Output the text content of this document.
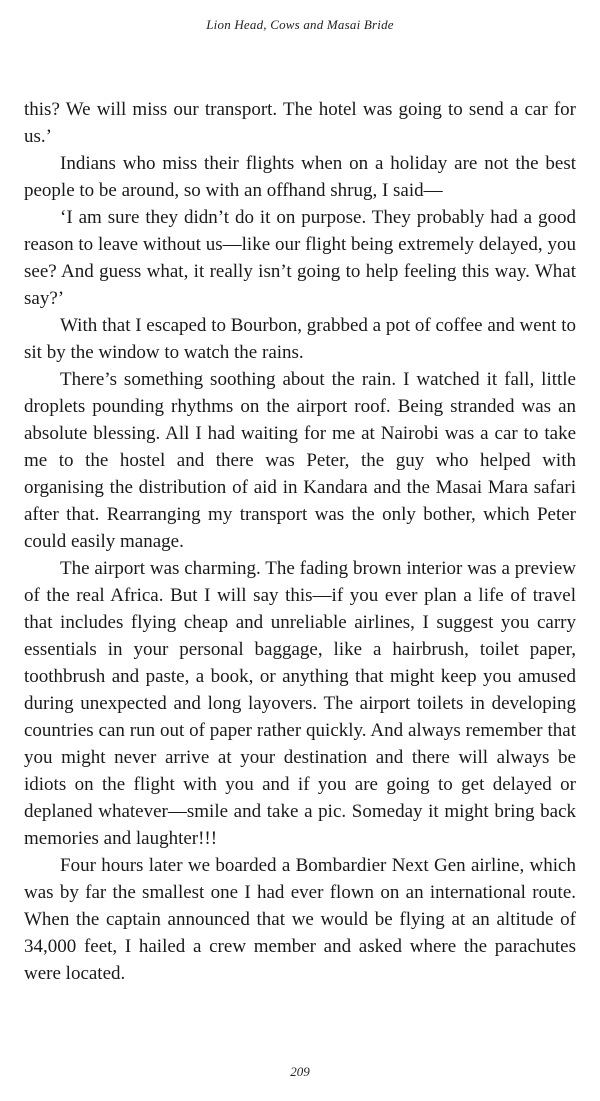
Lion Head, Cows and Masai Bride

this? We will miss our transport. The hotel was going to send a car for us.’

Indians who miss their flights when on a holiday are not the best people to be around, so with an offhand shrug, I said—

‘I am sure they didn’t do it on purpose. They probably had a good reason to leave without us—like our flight being extremely delayed, you see? And guess what, it really isn’t going to help feeling this way. What say?’

With that I escaped to Bourbon, grabbed a pot of coffee and went to sit by the window to watch the rains.

There’s something soothing about the rain. I watched it fall, little droplets pounding rhythms on the airport roof. Being stranded was an absolute blessing. All I had waiting for me at Nairobi was a car to take me to the hostel and there was Peter, the guy who helped with organising the distribution of aid in Kandara and the Masai Mara safari after that. Rearranging my transport was the only bother, which Peter could easily manage.

The airport was charming. The fading brown interior was a preview of the real Africa. But I will say this—if you ever plan a life of travel that includes flying cheap and unreliable airlines, I suggest you carry essentials in your personal baggage, like a hairbrush, toilet paper, toothbrush and paste, a book, or anything that might keep you amused during unexpected and long layovers. The airport toilets in developing countries can run out of paper rather quickly. And always remember that you might never arrive at your destination and there will always be idiots on the flight with you and if you are going to get delayed or deplaned whatever—smile and take a pic. Someday it might bring back memories and laughter!!!

Four hours later we boarded a Bombardier Next Gen airline, which was by far the smallest one I had ever flown on an international route. When the captain announced that we would be flying at an altitude of 34,000 feet, I hailed a crew member and asked where the parachutes were located.

209
